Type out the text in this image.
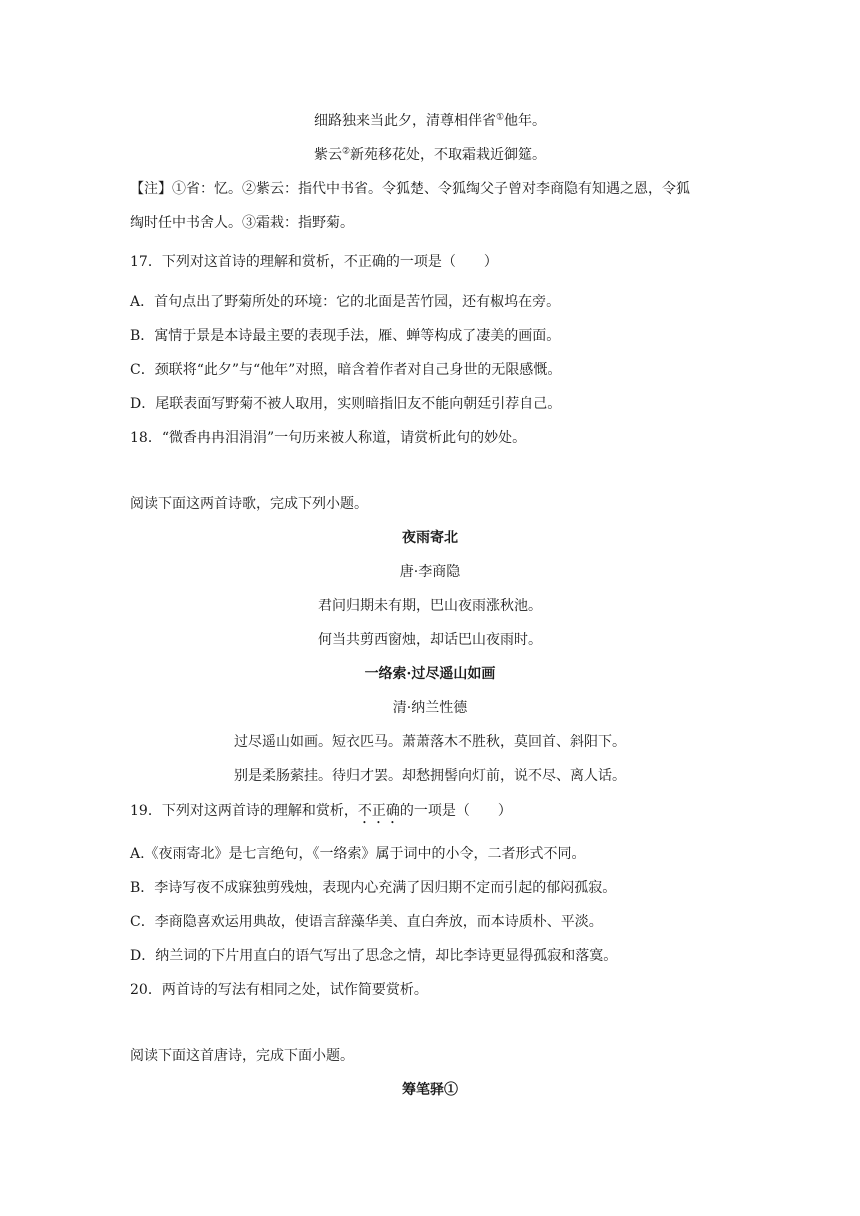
细路独来当此夕，清尊相伴省①他年。
紫云②新苑移花处，不取霜栽近御筵。
【注】①省：忆。②紫云：指代中书省。令狐楚、令狐绹父子曾对李商隐有知遇之恩，令狐
绹时任中书舍人。③霜栽：指野菊。
17．下列对这首诗的理解和赏析，不正确的一项是（　　）
A．首句点出了野菊所处的环境：它的北面是苦竹园，还有椒坞在旁。
B．寓情于景是本诗最主要的表现手法，雁、蝉等构成了凄美的画面。
C．颈联将“此夕”与“他年”对照，暗含着作者对自己身世的无限感慨。
D．尾联表面写野菊不被人取用，实则暗指旧友不能向朝廷引荐自己。
18．“微香冉冉泪涓涓”一句历来被人称道，请赏析此句的妙处。
阅读下面这两首诗歌，完成下列小题。
夜雨寄北
唐·李商隐
君问归期未有期，巴山夜雨涨秋池。
何当共剪西窗烛，却话巴山夜雨时。
一络索·过尽遥山如画
清·纳兰性德
过尽遥山如画。短衣匹马。萧萧落木不胜秋，莫回首、斜阳下。
别是柔肠萦挂。待归才罢。却愁拥髻向灯前，说不尽、离人话。
19．下列对这两首诗的理解和赏析，不正确的一项是（　　）
A.《夜雨寄北》是七言绝句，《一络索》属于词中的小令，二者形式不同。
B．李诗写夜不成寐独剪残烛，表现内心充满了因归期不定而引起的郁闷孤寂。
C．李商隐喜欢运用典故，使语言辞藻华美、直白奔放，而本诗质朴、平淡。
D．纳兰词的下片用直白的语气写出了思念之情，却比李诗更显得孤寂和落寞。
20．两首诗的写法有相同之处，试作简要赏析。
阅读下面这首唐诗，完成下面小题。
筹笔驿①
